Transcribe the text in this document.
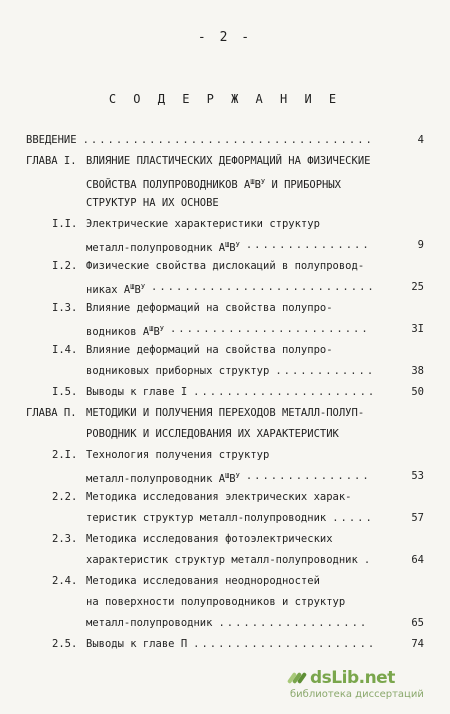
- 2 -
С О Д Е Р Ж А Н И Е
ВВЕДЕНИЕ	4
...................................
ГЛАВА I. ВЛИЯНИЕ ПЛАСТИЧЕСКИХ ДЕФОРМАЦИЙ НА ФИЗИЧЕСКИЕ
СВОЙСТВА ПОЛУПРОВОДНИКОВ $А^ШВ^У$ И ПРИБОРНЫХ
СТРУКТУР НА ИХ ОСНОВЕ
I.I. Электрические характеристики структур
металл-полупроводник $А^ШВ^У$	9
...............
I.2. Физические свойства дислокаций в полупровод-
никах $А^ШВ^У$	25
...........................
I.3. Влияние деформаций на свойства полупро-
водников $А^ШВ^У$	3I
........................
I.4. Влияние деформаций на свойства полупро-
водниковых приборных структур	38
............
I.5. Выводы к главе I	50
......................
ГЛАВА П. МЕТОДИКИ И ПОЛУЧЕНИЯ ПЕРЕХОДОВ МЕТАЛЛ-ПОЛУП-
РОВОДНИК И ИССЛЕДОВАНИЯ ИХ ХАРАКТЕРИСТИК
2.I. Технология получения структур
металл-полупроводник $А^ШВ^У$	53
...............
2.2. Методика исследования электрических харак-
теристик структур металл-полупроводник	57
.....
2.3. Методика исследования фотоэлектрических
характеристик структур металл-полупроводник	64
.
2.4. Методика исследования неоднородностей
на поверхности полупроводников и структур
металл-полупроводник	65
..................
2.5. Выводы к главе П	74
......................
dsLib.net
библиотека диссертаций
